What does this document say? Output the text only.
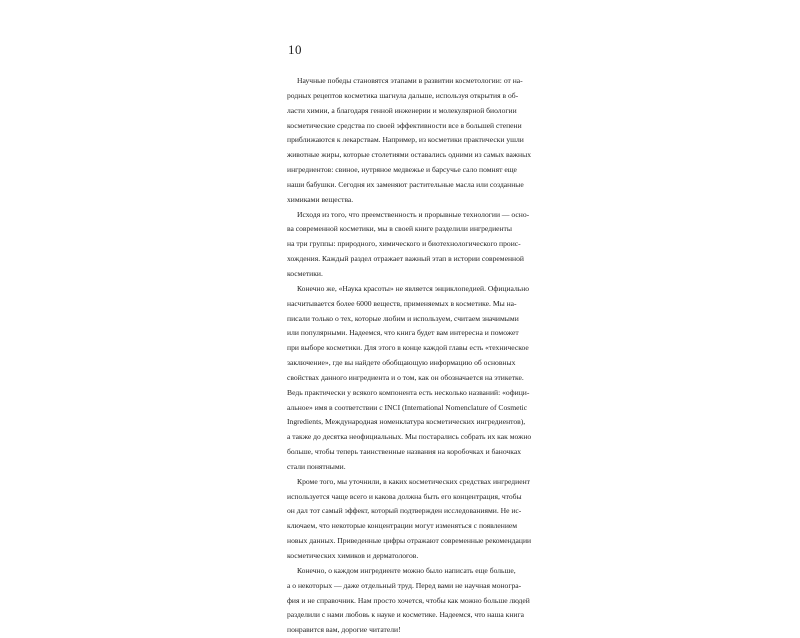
10
Научные победы становятся этапами в развитии косметологии: от на-
родных рецептов косметика шагнула дальше, используя открытия в об-
ласти химии, а благодаря генной инженерии и молекулярной биологии
косметические средства по своей эффективности все в большей степени
приближаются к лекарствам. Например, из косметики практически ушли
животные жиры, которые столетиями оставались одними из самых важных
ингредиентов: свиное, нутряное медвежье и барсучье сало помнят еще
наши бабушки. Сегодня их заменяют растительные масла или созданные
химиками вещества.
Исходя из того, что преемственность и прорывные технологии — осно-
ва современной косметики, мы в своей книге разделили ингредиенты
на три группы: природного, химического и биотехнологического проис-
хождения. Каждый раздел отражает важный этап в истории современной
косметики.
Конечно же, «Наука красоты» не является энциклопедией. Официально
насчитывается более 6000 веществ, применяемых в косметике. Мы на-
писали только о тех, которые любим и используем, считаем значимыми
или популярными. Надеемся, что книга будет вам интересна и поможет
при выборе косметики. Для этого в конце каждой главы есть «техническое
заключение», где вы найдете обобщающую информацию об основных
свойствах данного ингредиента и о том, как он обозначается на этикетке.
Ведь практически у всякого компонента есть несколько названий: «офици-
альное» имя в соответствии с INCI (International Nomenclature of Cosmetic
Ingredients, Международная номенклатура косметических ингредиентов),
а также до десятка неофициальных. Мы постарались собрать их как можно
больше, чтобы теперь таинственные названия на коробочках и баночках
стали понятными.
Кроме того, мы уточнили, в каких косметических средствах ингредиент
используется чаще всего и какова должна быть его концентрация, чтобы
он дал тот самый эффект, который подтвержден исследованиями. Не ис-
ключаем, что некоторые концентрации могут изменяться с появлением
новых данных. Приведенные цифры отражают современные рекомендации
косметических химиков и дерматологов.
Конечно, о каждом ингредиенте можно было написать еще больше,
а о некоторых — даже отдельный труд. Перед вами не научная моногра-
фия и не справочник. Нам просто хочется, чтобы как можно больше людей
разделили с нами любовь к науке и косметике. Надеемся, что наша книга
понравится вам, дорогие читатели!
